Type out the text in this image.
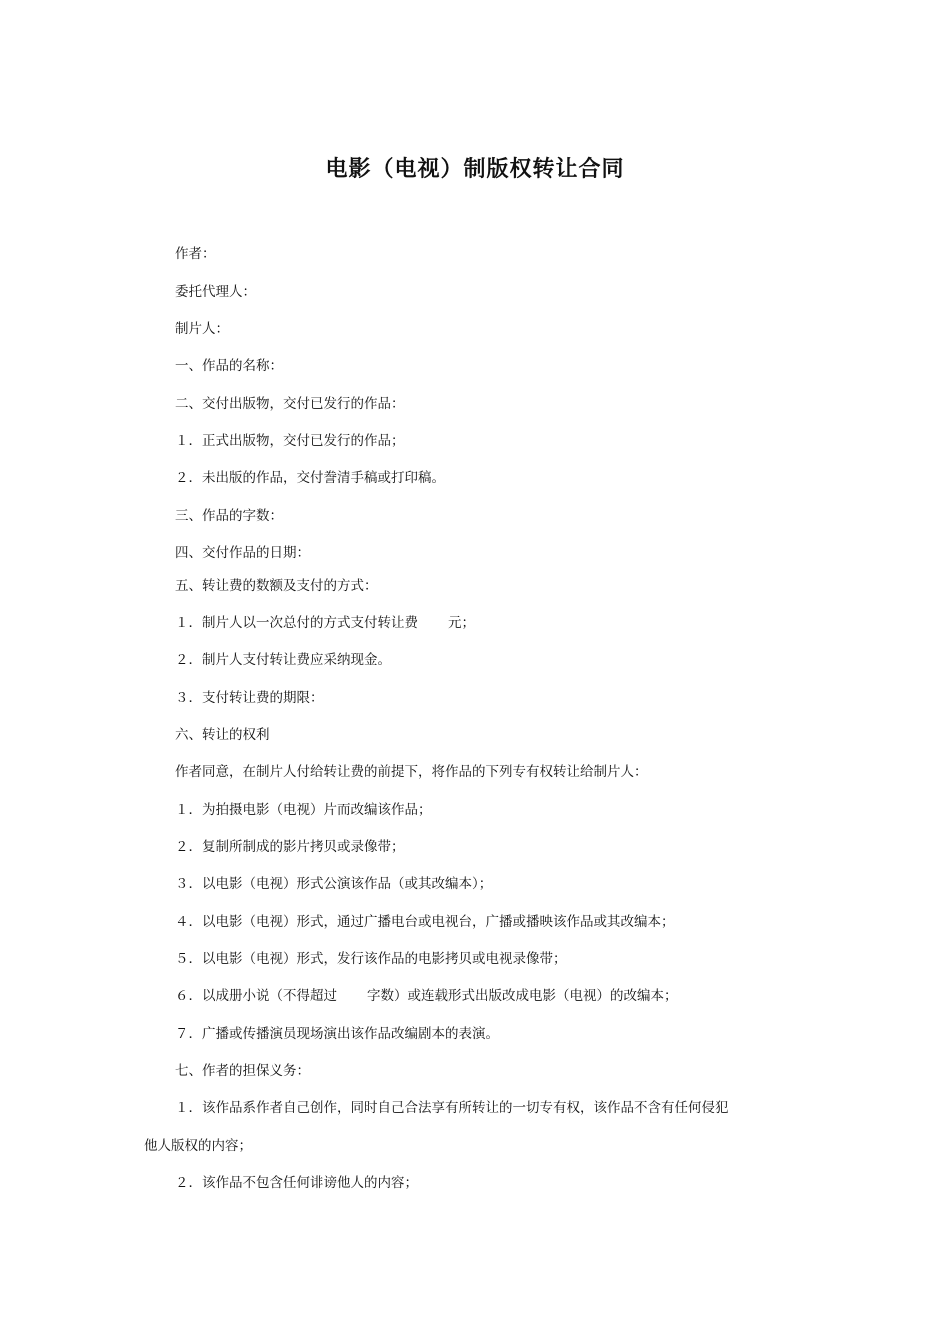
电影（电视）制版权转让合同
作者：
委托代理人：
制片人：
一、作品的名称：
二、交付出版物，交付已发行的作品：
１．正式出版物，交付已发行的作品；
２．未出版的作品，交付誊清手稿或打印稿。
三、作品的字数：
四、交付作品的日期：
五、转让费的数额及支付的方式：
１．制片人以一次总付的方式支付转让费 元；
２．制片人支付转让费应采纳现金。
３．支付转让费的期限：
六、转让的权利
作者同意，在制片人付给转让费的前提下，将作品的下列专有权转让给制片人：
１．为拍摄电影（电视）片而改编该作品；
２．复制所制成的影片拷贝或录像带；
３．以电影（电视）形式公演该作品（或其改编本）；
４．以电影（电视）形式，通过广播电台或电视台，广播或播映该作品或其改编本；
５．以电影（电视）形式，发行该作品的电影拷贝或电视录像带；
６．以成册小说（不得超过 字数）或连载形式出版改成电影（电视）的改编本；
７．广播或传播演员现场演出该作品改编剧本的表演。
七、作者的担保义务：
１．该作品系作者自己创作，同时自己合法享有所转让的一切专有权，该作品不含有任何侵犯
他人版权的内容；
２．该作品不包含任何诽谤他人的内容；
